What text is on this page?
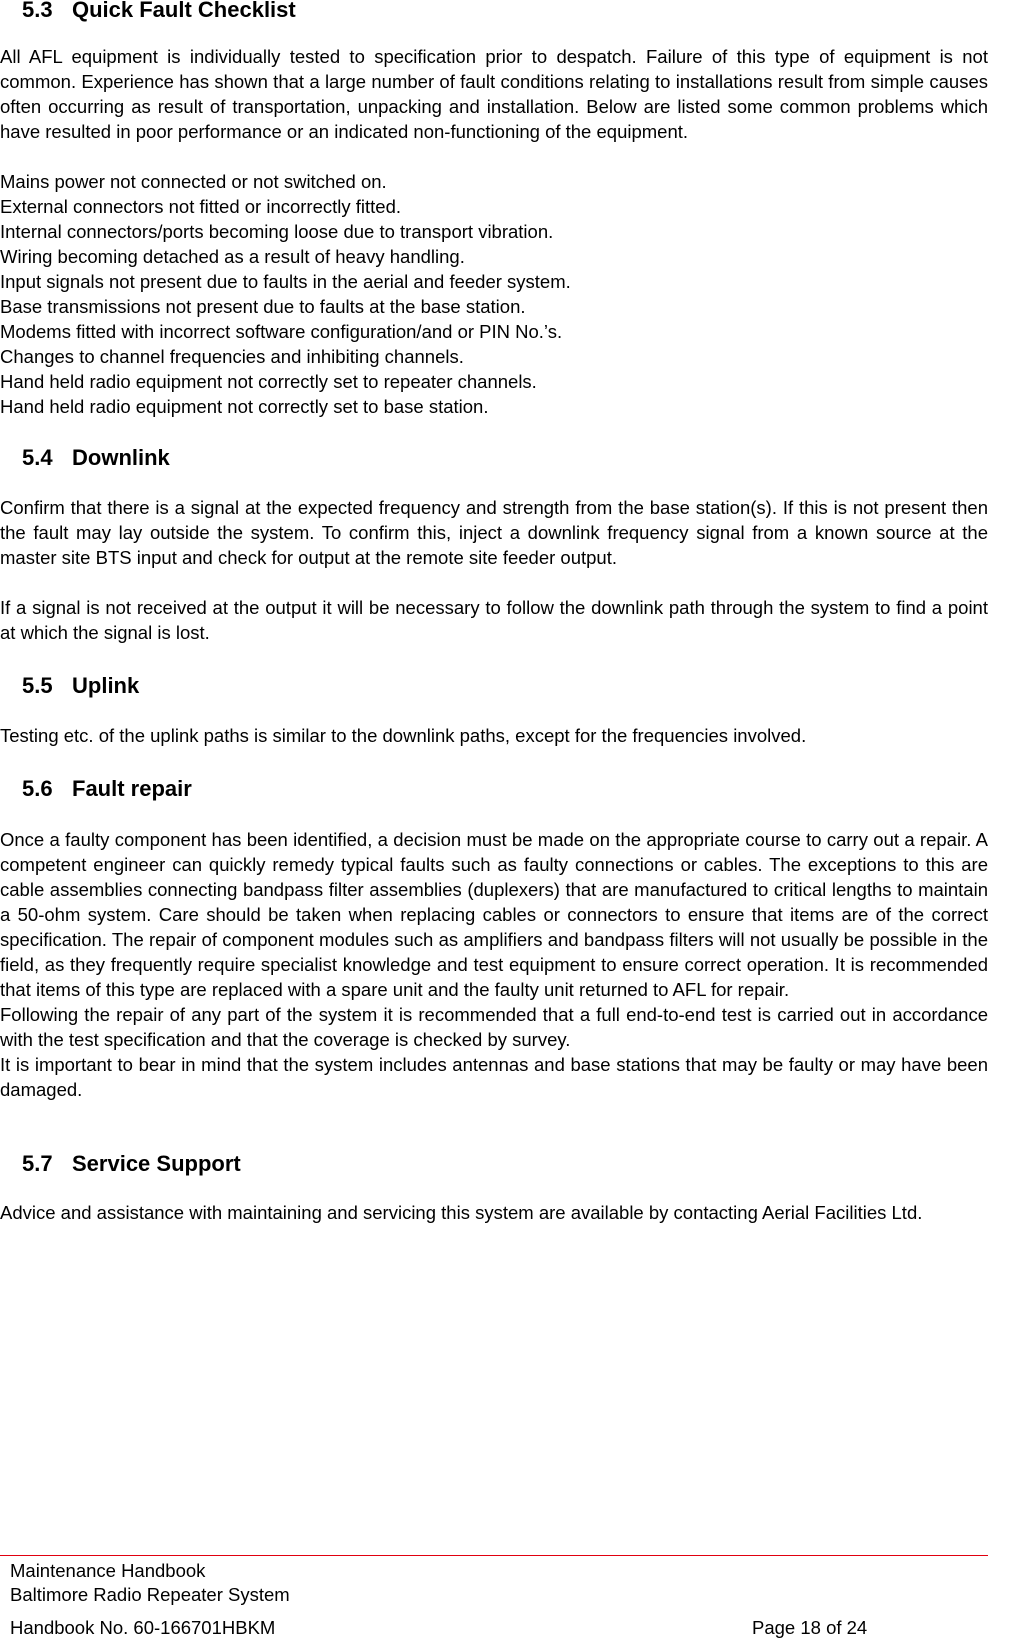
5.3 Quick Fault Checklist

All AFL equipment is individually tested to specification prior to despatch. Failure of this type of equipment is not common. Experience has shown that a large number of fault conditions relating to installations result from simple causes often occurring as result of transportation, unpacking and installation. Below are listed some common problems which have resulted in poor performance or an indicated non-functioning of the equipment.

Mains power not connected or not switched on.
External connectors not fitted or incorrectly fitted.
Internal connectors/ports becoming loose due to transport vibration.
Wiring becoming detached as a result of heavy handling.
Input signals not present due to faults in the aerial and feeder system.
Base transmissions not present due to faults at the base station.
Modems fitted with incorrect software configuration/and or PIN No.’s.
Changes to channel frequencies and inhibiting channels.
Hand held radio equipment not correctly set to repeater channels.
Hand held radio equipment not correctly set to base station.
5.4 Downlink

Confirm that there is a signal at the expected frequency and strength from the base station(s). If this is not present then the fault may lay outside the system. To confirm this, inject a downlink frequency signal from a known source at the master site BTS input and check for output at the remote site feeder output.

If a signal is not received at the output it will be necessary to follow the downlink path through the system to find a point at which the signal is lost.

5.5 Uplink

Testing etc. of the uplink paths is similar to the downlink paths, except for the frequencies involved.

5.6 Fault repair

Once a faulty component has been identified, a decision must be made on the appropriate course to carry out a repair. A competent engineer can quickly remedy typical faults such as faulty connections or cables. The exceptions to this are cable assemblies connecting bandpass filter assemblies (duplexers) that are manufactured to critical lengths to maintain a 50-ohm system. Care should be taken when replacing cables or connectors to ensure that items are of the correct specification. The repair of component modules such as amplifiers and bandpass filters will not usually be possible in the field, as they frequently require specialist knowledge and test equipment to ensure correct operation. It is recommended that items of this type are replaced with a spare unit and the faulty unit returned to AFL for repair.

Following the repair of any part of the system it is recommended that a full end-to-end test is carried out in accordance with the test specification and that the coverage is checked by survey.

It is important to bear in mind that the system includes antennas and base stations that may be faulty or may have been damaged.

5.7 Service Support

Advice and assistance with maintaining and servicing this system are available by contacting Aerial Facilities Ltd.

Maintenance Handbook
Baltimore Radio Repeater System
Handbook No. 60-166701HBKM	Page 18 of 24
